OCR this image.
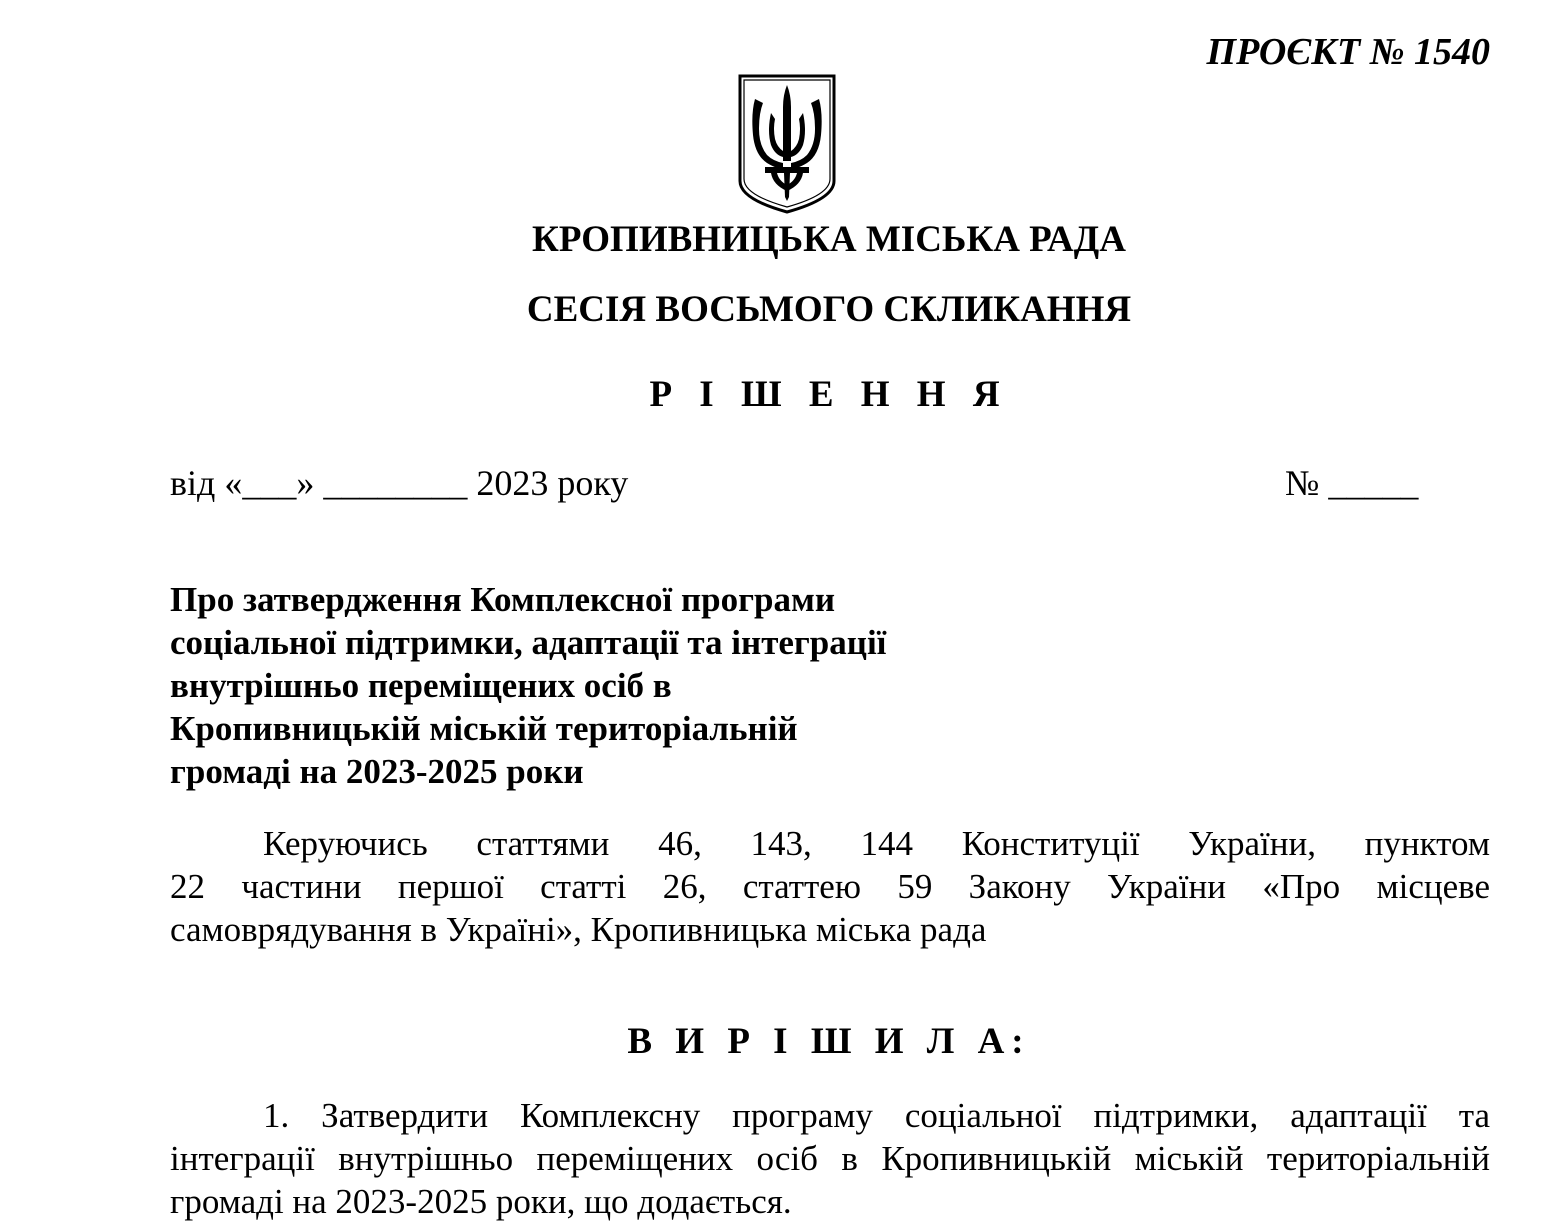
ПРОЄКТ № 1540
КРОПИВНИЦЬКА МІСЬКА РАДА
СЕСІЯ ВОСЬМОГО СКЛИКАННЯ
Р І Ш Е Н Н Я
від «___» ________ 2023 року	№ _____
Про затвердження Комплексної програми
соціальної підтримки, адаптації та інтеграції
внутрішньо переміщених осіб в
Кропивницькій міській територіальній
громаді на 2023-2025 роки
Керуючись статтями 46, 143, 144 Конституції України, пунктом
22 частини першої статті 26, статтею 59 Закону України «Про місцеве
самоврядування в Україні», Кропивницька міська рада
В И Р І Ш И Л А:
1. Затвердити Комплексну програму соціальної підтримки, адаптації та
інтеграції внутрішньо переміщених осіб в Кропивницькій міській територіальній
громаді на 2023-2025 роки, що додається.
